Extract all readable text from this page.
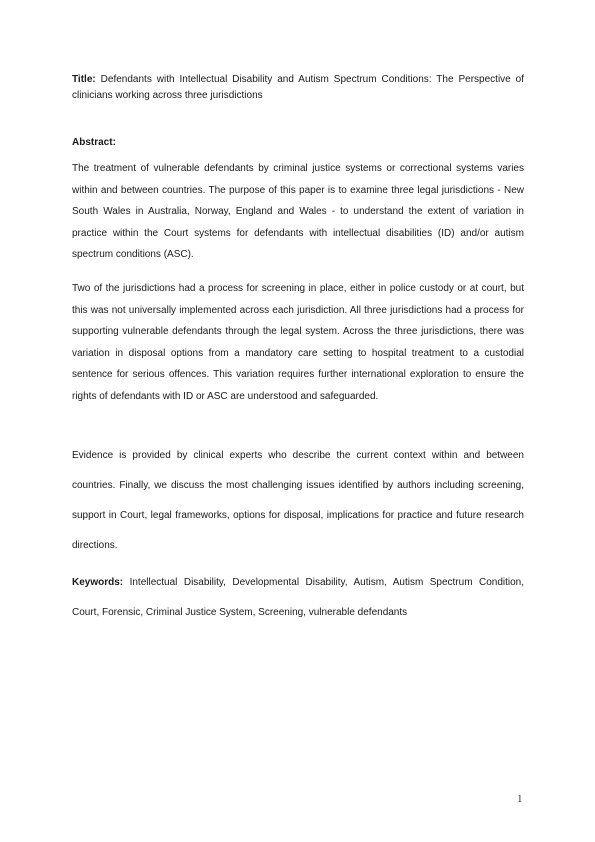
Title: Defendants with Intellectual Disability and Autism Spectrum Conditions: The Perspective of clinicians working across three jurisdictions
Abstract:

The treatment of vulnerable defendants by criminal justice systems or correctional systems varies within and between countries. The purpose of this paper is to examine three legal jurisdictions - New South Wales in Australia, Norway, England and Wales - to understand the extent of variation in practice within the Court systems for defendants with intellectual disabilities (ID) and/or autism spectrum conditions (ASC).

Two of the jurisdictions had a process for screening in place, either in police custody or at court, but this was not universally implemented across each jurisdiction. All three jurisdictions had a process for supporting vulnerable defendants through the legal system. Across the three jurisdictions, there was variation in disposal options from a mandatory care setting to hospital treatment to a custodial sentence for serious offences. This variation requires further international exploration to ensure the rights of defendants with ID or ASC are understood and safeguarded.

Evidence is provided by clinical experts who describe the current context within and between countries. Finally, we discuss the most challenging issues identified by authors including screening, support in Court, legal frameworks, options for disposal, implications for practice and future research directions.

Keywords: Intellectual Disability, Developmental Disability, Autism, Autism Spectrum Condition, Court, Forensic, Criminal Justice System, Screening, vulnerable defendants

1
